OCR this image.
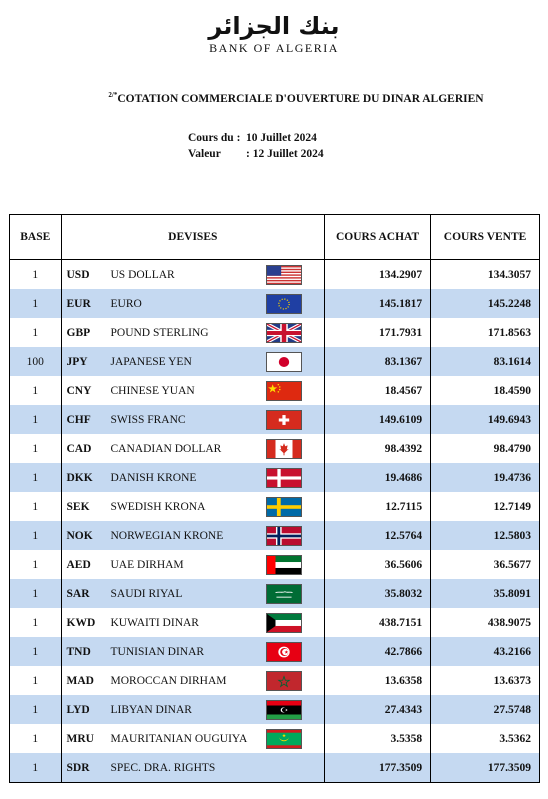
بنك الجزائر
BANK OF ALGERIA
$^{2/*}$COTATION COMMERCIALE D'OUVERTURE DU DINAR ALGERIEN
Cours du : 10 Juillet 2024
Valeur	: 12 Juillet 2024
BASE	DEVISES	COURS ACHAT	COURS VENTE
1	USD US DOLLAR	134.2907	134.3057
1	EUR EURO	145.1817	145.2248
1	GBP POUND STERLING	171.7931	171.8563
100	JPY JAPANESE YEN	83.1367	83.1614
1	CNY CHINESE YUAN	18.4567	18.4590
1	CHF SWISS FRANC	149.6109	149.6943
1	CAD CANADIAN DOLLAR	98.4392	98.4790
1	DKK DANISH KRONE	19.4686	19.4736
1	SEK SWEDISH KRONA	12.7115	12.7149
1	NOK NORWEGIAN KRONE	12.5764	12.5803
1	AED UAE DIRHAM	36.5606	36.5677
1	SAR SAUDI RIYAL	35.8032	35.8091
1	KWD KUWAITI DINAR	438.7151	438.9075
1	TND TUNISIAN DINAR	42.7866	43.2166
1	MAD MOROCCAN DIRHAM	13.6358	13.6373
1	LYD LIBYAN DINAR	27.4343	27.5748
1	MRU MAURITANIAN OUGUIYA	3.5358	3.5362
1	SDR SPEC. DRA. RIGHTS	177.3509	177.3509
